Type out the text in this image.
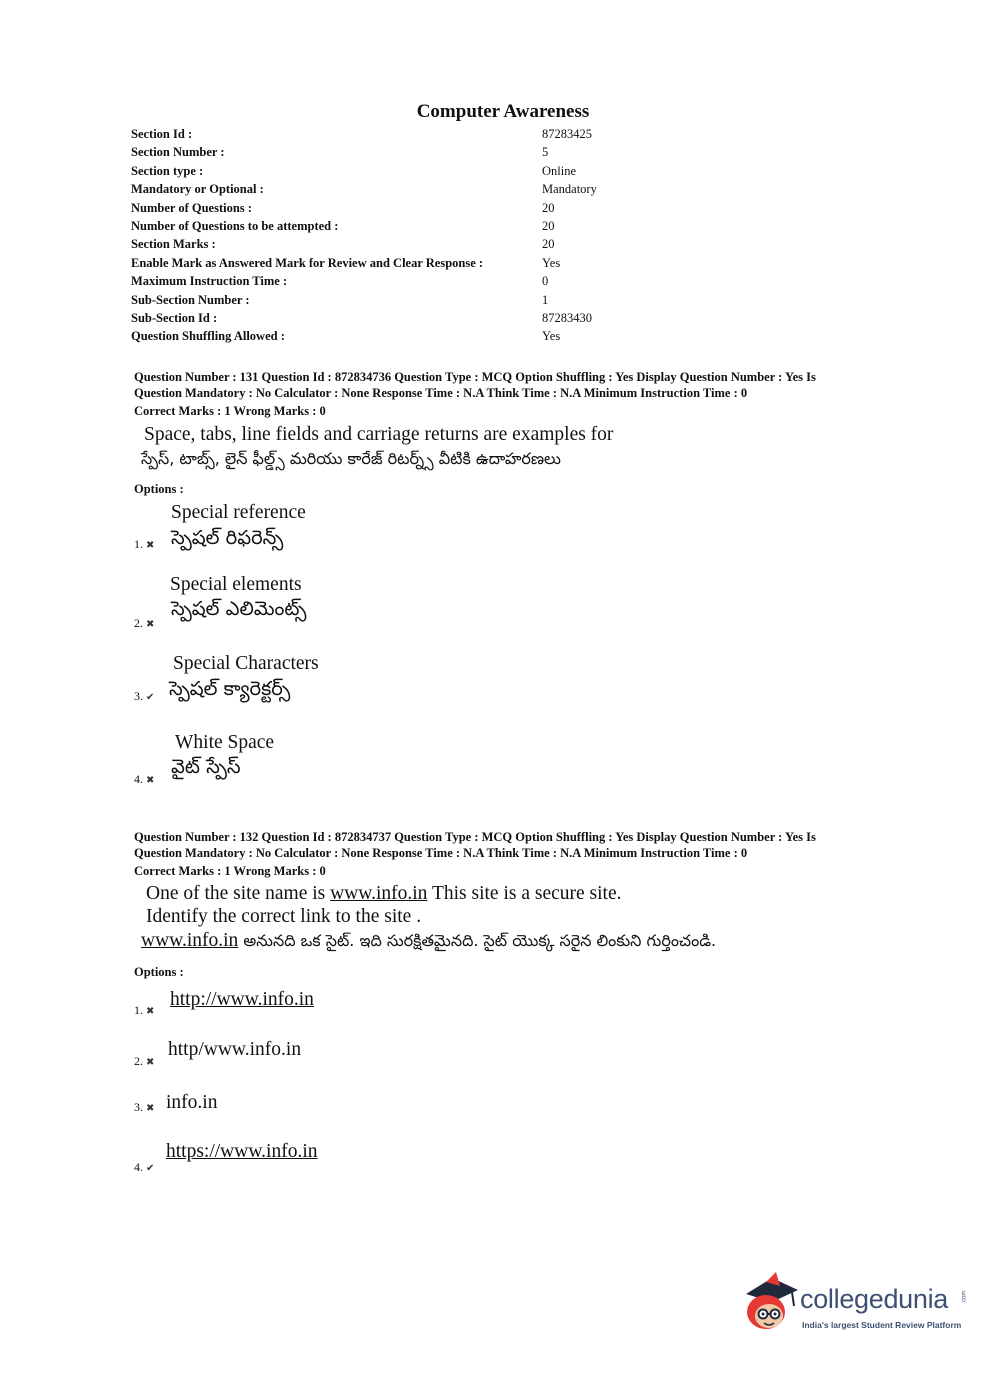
Computer Awareness
Section Id :	87283425
Section Number :	5
Section type :	Online
Mandatory or Optional :	Mandatory
Number of Questions :	20
Number of Questions to be attempted :	20
Section Marks :	20
Enable Mark as Answered Mark for Review and Clear Response :	Yes
Maximum Instruction Time :	0
Sub-Section Number :	1
Sub-Section Id :	87283430
Question Shuffling Allowed :	Yes
Question Number : 131 Question Id : 872834736 Question Type : MCQ Option Shuffling : Yes Display Question Number : Yes Is
Question Mandatory : No Calculator : None Response Time : N.A Think Time : N.A Minimum Instruction Time : 0
Correct Marks : 1 Wrong Marks : 0
Space, tabs, line fields and carriage returns are examples for
స్పేస్, టాబ్స్, లైన్ ఫీల్డ్స్ మరియు కారేజ్ రిటర్న్స్ వీటికి ఉదాహరణలు
Options :
Special reference
స్పెషల్ రిఫరెన్స్
1. ✖
Special elements
స్పెషల్ ఎలిమెంట్స్
2. ✖
Special Characters
స్పెషల్ క్యారెక్టర్స్
3. ✔
White Space
వైట్ స్పేస్
4. ✖
Question Number : 132 Question Id : 872834737 Question Type : MCQ Option Shuffling : Yes Display Question Number : Yes Is
Question Mandatory : No Calculator : None Response Time : N.A Think Time : N.A Minimum Instruction Time : 0
Correct Marks : 1 Wrong Marks : 0
One of the site name is www.info.in This site is a secure site.
Identify the correct link to the site .
www.info.in అనునది ఒక సైట్. ఇది సురక్షితమైనది. సైట్ యొక్క సరైన లింకుని గుర్తించండి.
Options :
http://www.info.in
1. ✖
http/www.info.in
2. ✖
info.in
3. ✖
https://www.info.in
4. ✔
collegedunia .com
India's largest Student Review Platform
